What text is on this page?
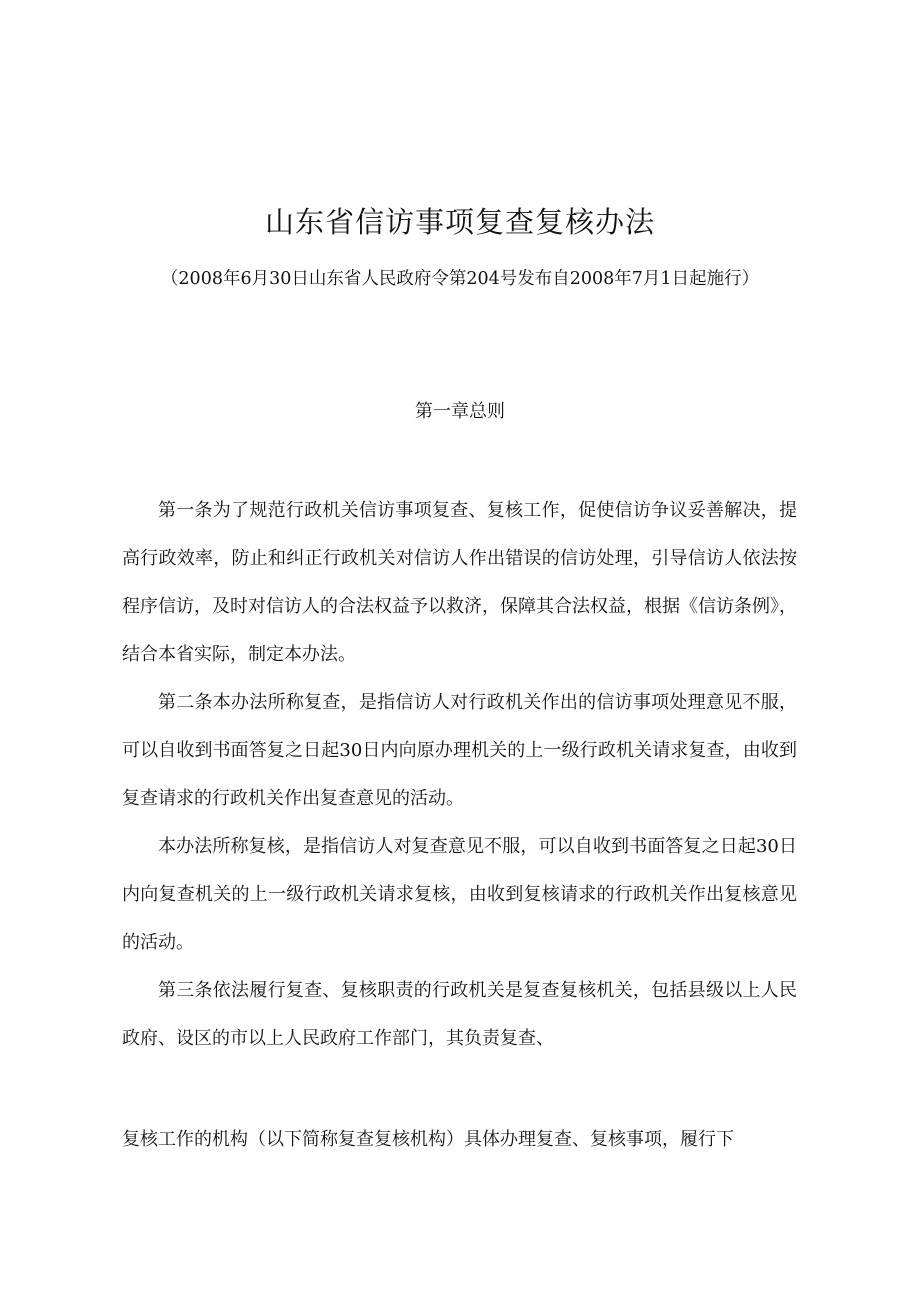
山东省信访事项复查复核办法
（2008年6月30日山东省人民政府令第204号发布自2008年7月1日起施行）
第一章总则

第一条为了规范行政机关信访事项复查、复核工作，促使信访争议妥善解决，提高行政效率，防止和纠正行政机关对信访人作出错误的信访处理，引导信访人依法按程序信访，及时对信访人的合法权益予以救济，保障其合法权益，根据《信访条例》，结合本省实际，制定本办法。

第二条本办法所称复查，是指信访人对行政机关作出的信访事项处理意见不服，可以自收到书面答复之日起30日内向原办理机关的上一级行政机关请求复查，由收到复查请求的行政机关作出复查意见的活动。

本办法所称复核，是指信访人对复查意见不服，可以自收到书面答复之日起30日内向复查机关的上一级行政机关请求复核，由收到复核请求的行政机关作出复核意见的活动。

第三条依法履行复查、复核职责的行政机关是复查复核机关，包括县级以上人民政府、设区的市以上人民政府工作部门，其负责复查、

复核工作的机构（以下简称复查复核机构）具体办理复查、复核事项，履行下
